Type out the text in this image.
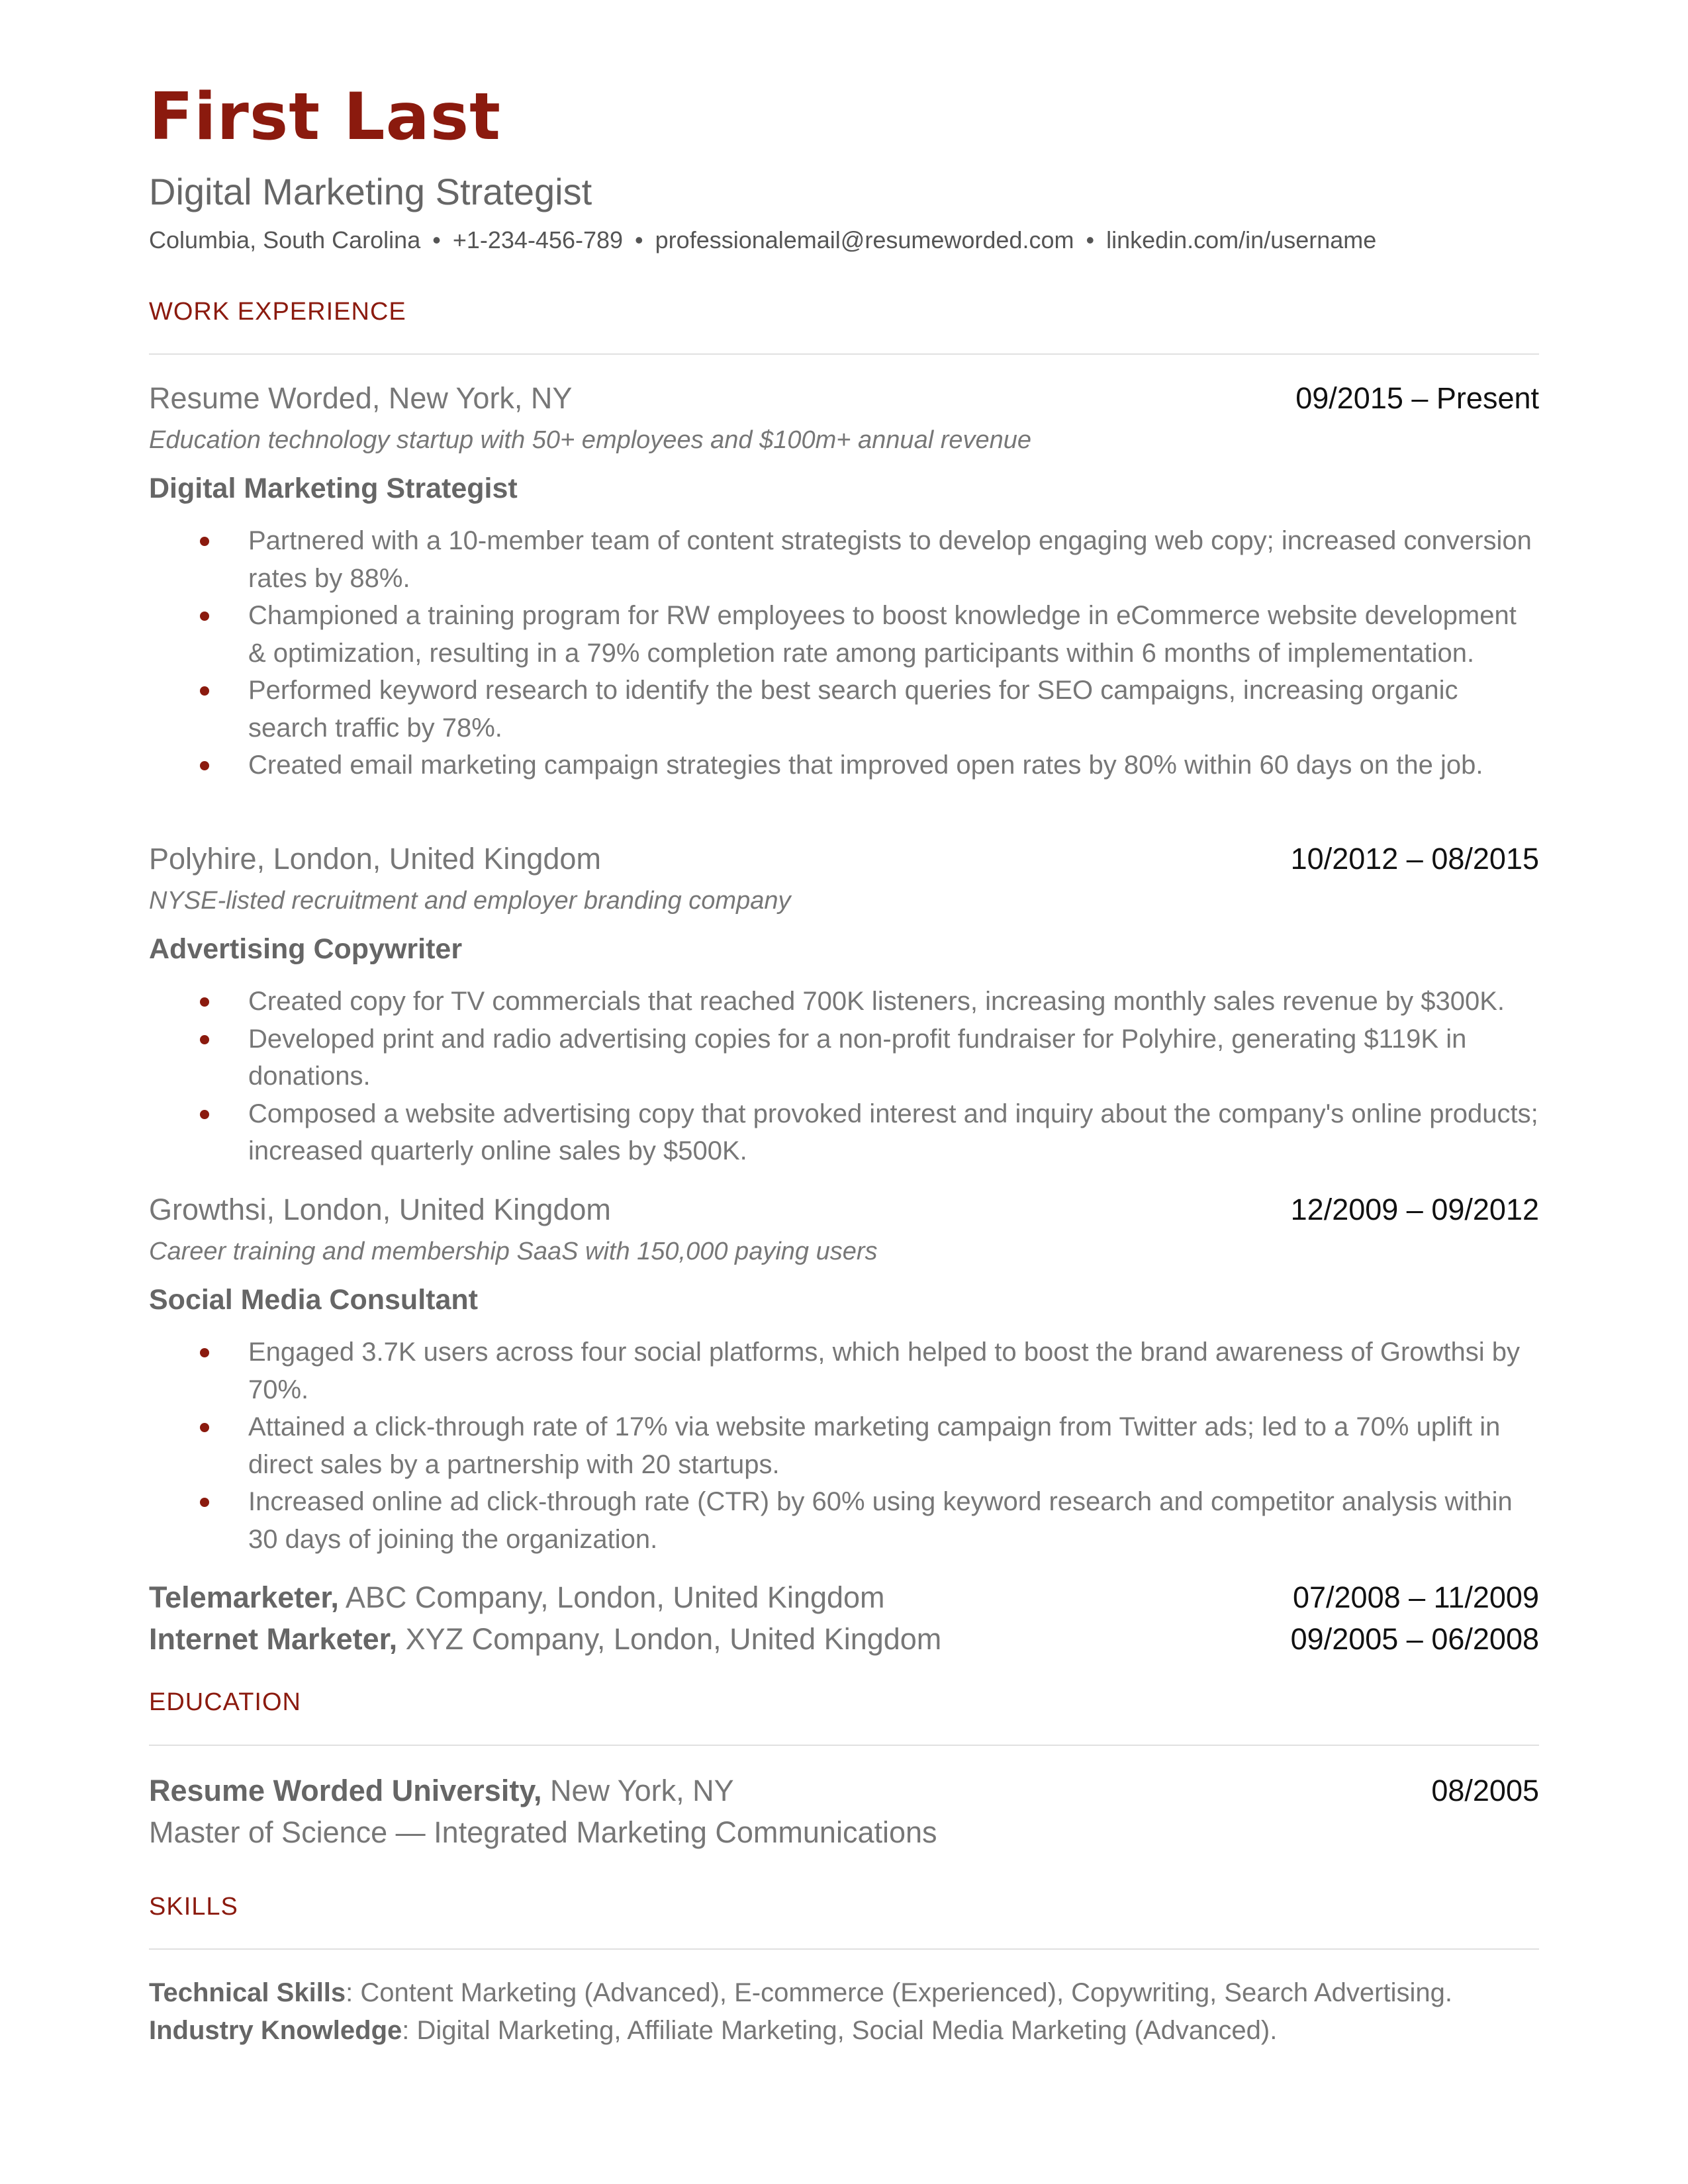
First Last
Digital Marketing Strategist
Columbia, South Carolina • +1-234-456-789 • professionalemail@resumeworded.com • linkedin.com/in/username
WORK EXPERIENCE
Resume Worded, New York, NY	09/2015 – Present
Education technology startup with 50+ employees and $100m+ annual revenue
Digital Marketing Strategist
Partnered with a 10-member team of content strategists to develop engaging web copy; increased conversion rates by 88%.
Championed a training program for RW employees to boost knowledge in eCommerce website development & optimization, resulting in a 79% completion rate among participants within 6 months of implementation.
Performed keyword research to identify the best search queries for SEO campaigns, increasing organic search traffic by 78%.
Created email marketing campaign strategies that improved open rates by 80% within 60 days on the job.
Polyhire, London, United Kingdom	10/2012 – 08/2015
NYSE-listed recruitment and employer branding company
Advertising Copywriter
Created copy for TV commercials that reached 700K listeners, increasing monthly sales revenue by $300K.
Developed print and radio advertising copies for a non-profit fundraiser for Polyhire, generating $119K in donations.
Composed a website advertising copy that provoked interest and inquiry about the company's online products; increased quarterly online sales by $500K.
Growthsi, London, United Kingdom	12/2009 – 09/2012
Career training and membership SaaS with 150,000 paying users
Social Media Consultant
Engaged 3.7K users across four social platforms, which helped to boost the brand awareness of Growthsi by 70%.
Attained a click-through rate of 17% via website marketing campaign from Twitter ads; led to a 70% uplift in direct sales by a partnership with 20 startups.
Increased online ad click-through rate (CTR) by 60% using keyword research and competitor analysis within 30 days of joining the organization.
Telemarketer, ABC Company, London, United Kingdom	07/2008 – 11/2009
Internet Marketer, XYZ Company, London, United Kingdom	09/2005 – 06/2008
EDUCATION
Resume Worded University, New York, NY	08/2005
Master of Science — Integrated Marketing Communications
SKILLS
Technical Skills: Content Marketing (Advanced), E-commerce (Experienced), Copywriting, Search Advertising.
Industry Knowledge: Digital Marketing, Affiliate Marketing, Social Media Marketing (Advanced).
